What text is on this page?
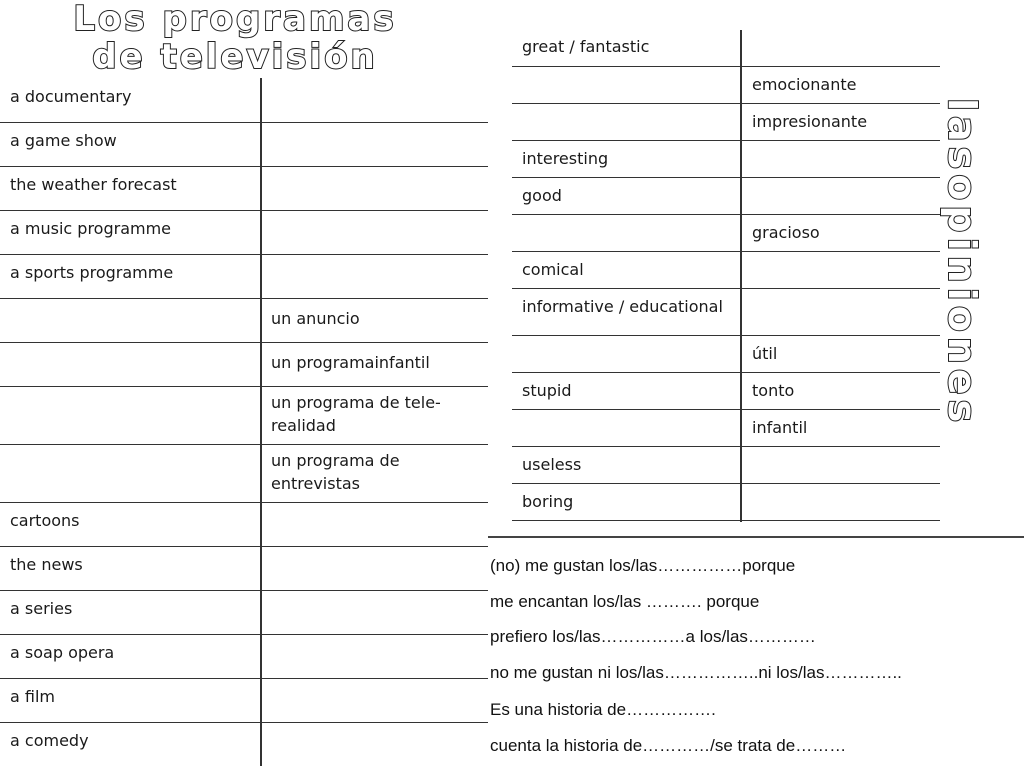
Los programas
de televisión
a documentary
a game show
the weather forecast
a music programme
a sports programme
un anuncio
un programainfantil
un programa de tele-realidad
un programa de entrevistas
cartoons
the news
a series
a soap opera
a film
a comedy
great / fantastic
emocionante
impresionante
interesting
good
gracioso
comical
informative / educational
útil
stupid	tonto
infantil
useless
boring
lasopiniones
(no) me gustan los/las……………porque
me encantan los/las ………. porque
prefiero los/las……………a los/las…………
no me gustan ni los/las……………..ni los/las…………..
Es una historia de…………….
cuenta la historia de…………/se trata de………
